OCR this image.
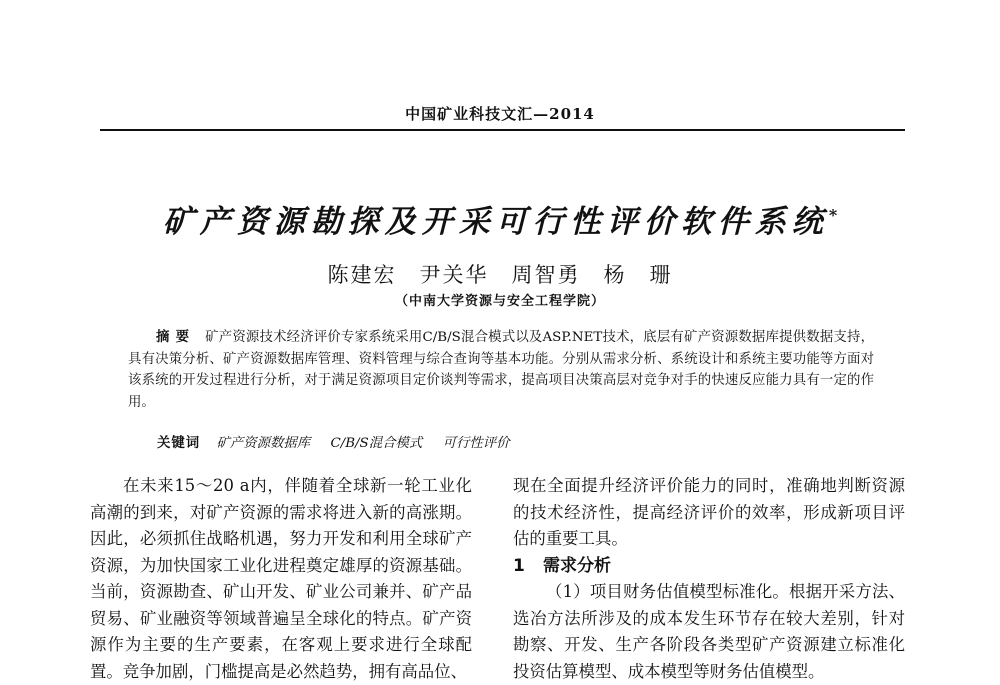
中国矿业科技文汇—2014
矿产资源勘探及开采可行性评价软件系统*
陈建宏　尹关华　周智勇　杨　珊
（中南大学资源与安全工程学院）
摘要 矿产资源技术经济评价专家系统采用C/B/S混合模式以及ASP.NET技术，底层有矿产资源数据库提供数据支持，具有决策分析、矿产资源数据库管理、资料管理与综合查询等基本功能。分别从需求分析、系统设计和系统主要功能等方面对该系统的开发过程进行分析，对于满足资源项目定价谈判等需求，提高项目决策高层对竞争对手的快速反应能力具有一定的作用。
关键词 矿产资源数据库 C/B/S混合模式 可行性评价

在未来15～20 a内，伴随着全球新一轮工业化高潮的到来，对矿产资源的需求将进入新的高涨期。因此，必须抓住战略机遇，努力开发和利用全球矿产资源，为加快国家工业化进程奠定雄厚的资源基础。当前，资源勘查、矿山开发、矿业公司兼并、矿产品贸易、矿业融资等领域普遍呈全球化的特点。矿产资源作为主要的生产要素，在客观上要求进行全球配置。竞争加剧，门槛提高是必然趋势，拥有高品位、

现在全面提升经济评价能力的同时，准确地判断资源的技术经济性，提高经济评价的效率，形成新项目评估的重要工具。

1 需求分析

（1）项目财务估值模型标准化。根据开采方法、选冶方法所涉及的成本发生环节存在较大差别，针对勘察、开发、生产各阶段各类型矿产资源建立标准化投资估算模型、成本模型等财务估值模型。
